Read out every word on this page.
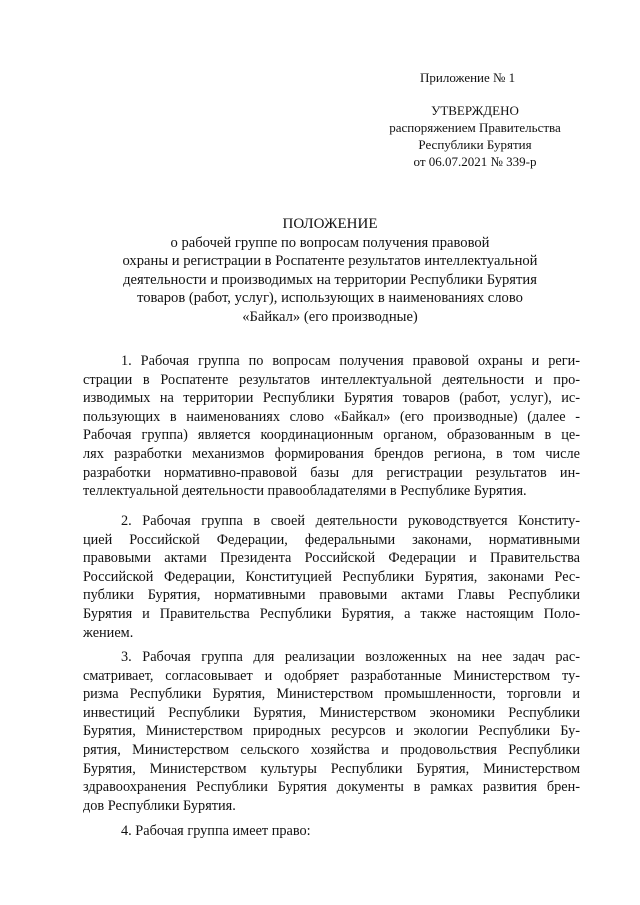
Приложение № 1
УТВЕРЖДЕНО
распоряжением Правительства
Республики Бурятия
от 06.07.2021 № 339-р
ПОЛОЖЕНИЕ
о рабочей группе по вопросам получения правовой
охраны и регистрации в Роспатенте результатов интеллектуальной
деятельности и производимых на территории Республики Бурятия
товаров (работ, услуг), использующих в наименованиях слово
«Байкал» (его производные)
1. Рабочая группа по вопросам получения правовой охраны и реги-
страции в Роспатенте результатов интеллектуальной деятельности и про-
изводимых на территории Республики Бурятия товаров (работ, услуг), ис-
пользующих в наименованиях слово «Байкал» (его производные) (далее -
Рабочая группа) является координационным органом, образованным в це-
лях разработки механизмов формирования брендов региона, в том числе
разработки нормативно-правовой базы для регистрации результатов ин-
теллектуальной деятельности правообладателями в Республике Бурятия.
2. Рабочая группа в своей деятельности руководствуется Конститу-
цией Российской Федерации, федеральными законами, нормативными
правовыми актами Президента Российской Федерации и Правительства
Российской Федерации, Конституцией Республики Бурятия, законами Рес-
публики Бурятия, нормативными правовыми актами Главы Республики
Бурятия и Правительства Республики Бурятия, а также настоящим Поло-
жением.
3. Рабочая группа для реализации возложенных на нее задач рас-
сматривает, согласовывает и одобряет разработанные Министерством ту-
ризма Республики Бурятия, Министерством промышленности, торговли и
инвестиций Республики Бурятия, Министерством экономики Республики
Бурятия, Министерством природных ресурсов и экологии Республики Бу-
рятия, Министерством сельского хозяйства и продовольствия Республики
Бурятия, Министерством культуры Республики Бурятия, Министерством
здравоохранения Республики Бурятия документы в рамках развития брен-
дов Республики Бурятия.
4. Рабочая группа имеет право:
